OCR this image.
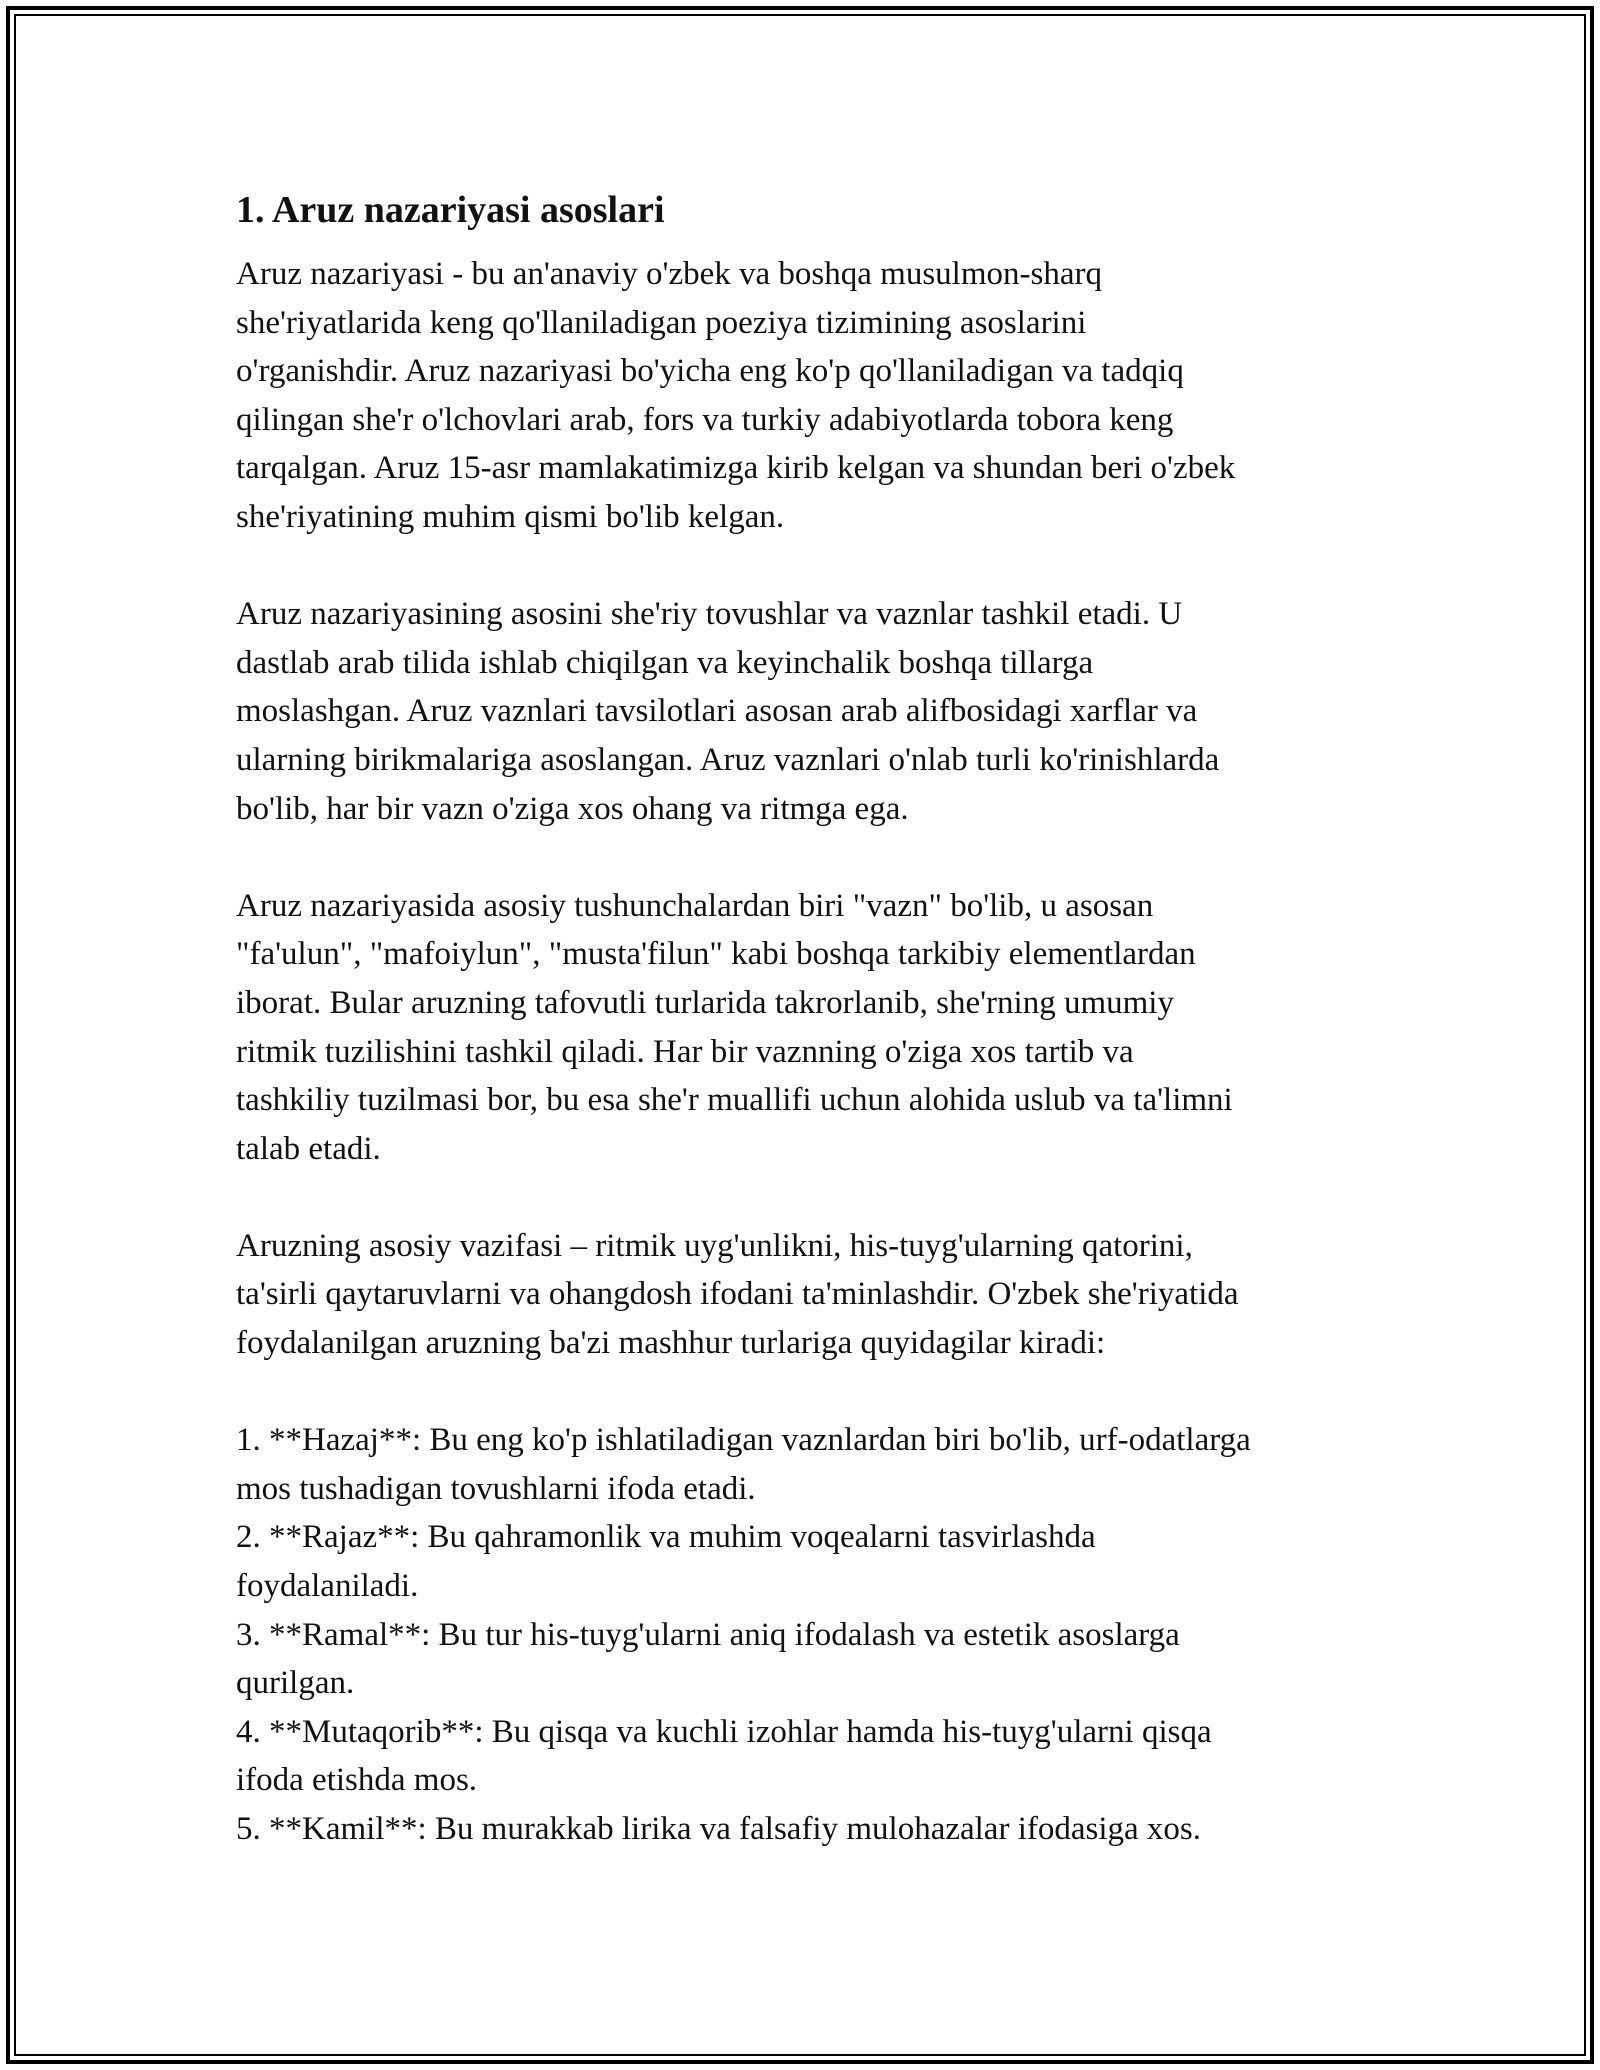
1. Aruz nazariyasi asoslari

Aruz nazariyasi - bu an'anaviy o'zbek va boshqa musulmon-sharq
she'riyatlarida keng qo'llaniladigan poeziya tizimining asoslarini
o'rganishdir. Aruz nazariyasi bo'yicha eng ko'p qo'llaniladigan va tadqiq
qilingan she'r o'lchovlari arab, fors va turkiy adabiyotlarda tobora keng
tarqalgan. Aruz 15-asr mamlakatimizga kirib kelgan va shundan beri o'zbek
she'riyatining muhim qismi bo'lib kelgan.

Aruz nazariyasining asosini she'riy tovushlar va vaznlar tashkil etadi. U
dastlab arab tilida ishlab chiqilgan va keyinchalik boshqa tillarga
moslashgan. Aruz vaznlari tavsilotlari asosan arab alifbosidagi xarflar va
ularning birikmalariga asoslangan. Aruz vaznlari o'nlab turli ko'rinishlarda
bo'lib, har bir vazn o'ziga xos ohang va ritmga ega.

Aruz nazariyasida asosiy tushunchalardan biri "vazn" bo'lib, u asosan
"fa'ulun", "mafoiylun", "musta'filun" kabi boshqa tarkibiy elementlardan
iborat. Bular aruzning tafovutli turlarida takrorlanib, she'rning umumiy
ritmik tuzilishini tashkil qiladi. Har bir vaznning o'ziga xos tartib va
tashkiliy tuzilmasi bor, bu esa she'r muallifi uchun alohida uslub va ta'limni
talab etadi.

Aruzning asosiy vazifasi – ritmik uyg'unlikni, his-tuyg'ularning qatorini,
ta'sirli qaytaruvlarni va ohangdosh ifodani ta'minlashdir. O'zbek she'riyatida
foydalanilgan aruzning ba'zi mashhur turlariga quyidagilar kiradi:

1. **Hazaj**: Bu eng ko'p ishlatiladigan vaznlardan biri bo'lib, urf-odatlarga
mos tushadigan tovushlarni ifoda etadi.
2. **Rajaz**: Bu qahramonlik va muhim voqealarni tasvirlashda
foydalaniladi.
3. **Ramal**: Bu tur his-tuyg'ularni aniq ifodalash va estetik asoslarga
qurilgan.
4. **Mutaqorib**: Bu qisqa va kuchli izohlar hamda his-tuyg'ularni qisqa
ifoda etishda mos.
5. **Kamil**: Bu murakkab lirika va falsafiy mulohazalar ifodasiga xos.
